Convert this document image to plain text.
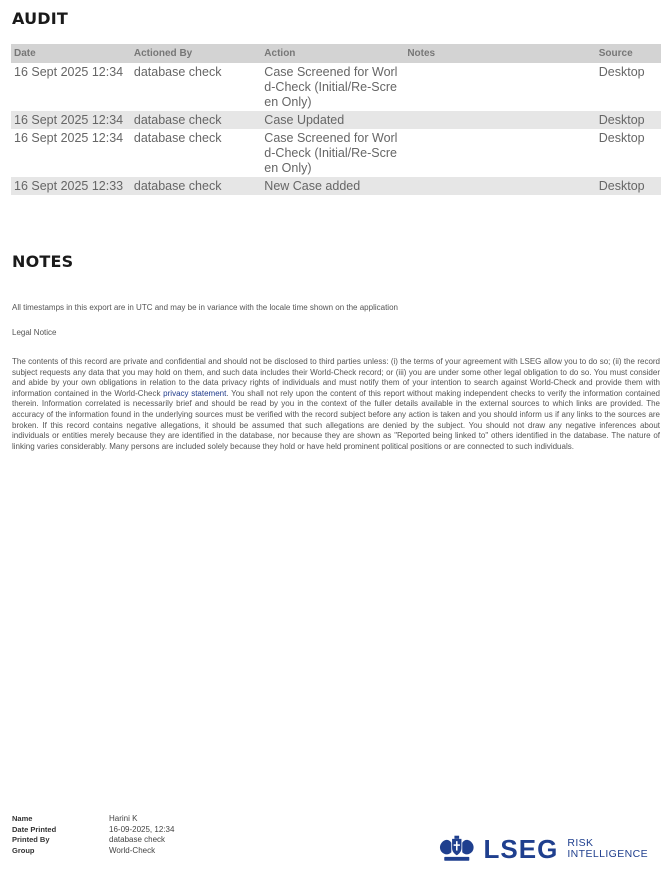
AUDIT
Date	Actioned By	Action	Notes	Source
16 Sept 2025 12:34	database check	Case Screened for World-Check (Initial/Re-Screen Only)		Desktop
16 Sept 2025 12:34	database check	Case Updated		Desktop
16 Sept 2025 12:34	database check	Case Screened for World-Check (Initial/Re-Screen Only)		Desktop
16 Sept 2025 12:33	database check	New Case added		Desktop
NOTES

All timestamps in this export are in UTC and may be in variance with the locale time shown on the application

Legal Notice

The contents of this record are private and confidential and should not be disclosed to third parties unless: (i) the terms of your agreement with LSEG allow you to do so; (ii) the record subject requests any data that you may hold on them, and such data includes their World-Check record; or (iii) you are under some other legal obligation to do so. You must consider and abide by your own obligations in relation to the data privacy rights of individuals and must notify them of your intention to search against World-Check and provide them with information contained in the World-Check privacy statement. You shall not rely upon the content of this report without making independent checks to verify the information contained therein. Information correlated is necessarily brief and should be read by you in the context of the fuller details available in the external sources to which links are provided. The accuracy of the information found in the underlying sources must be verified with the record subject before any action is taken and you should inform us if any links to the sources are broken. If this record contains negative allegations, it should be assumed that such allegations are denied by the subject. You should not draw any negative inferences about individuals or entities merely because they are identified in the database, nor because they are shown as "Reported being linked to" others identified in the database. The nature of linking varies considerably. Many persons are included solely because they hold or have held prominent political positions or are connected to such individuals.

Name	Harini K
Date Printed	16-09-2025, 12:34
Printed By	database check
Group	World-Check	LSEG RISK
INTELLIGENCE
